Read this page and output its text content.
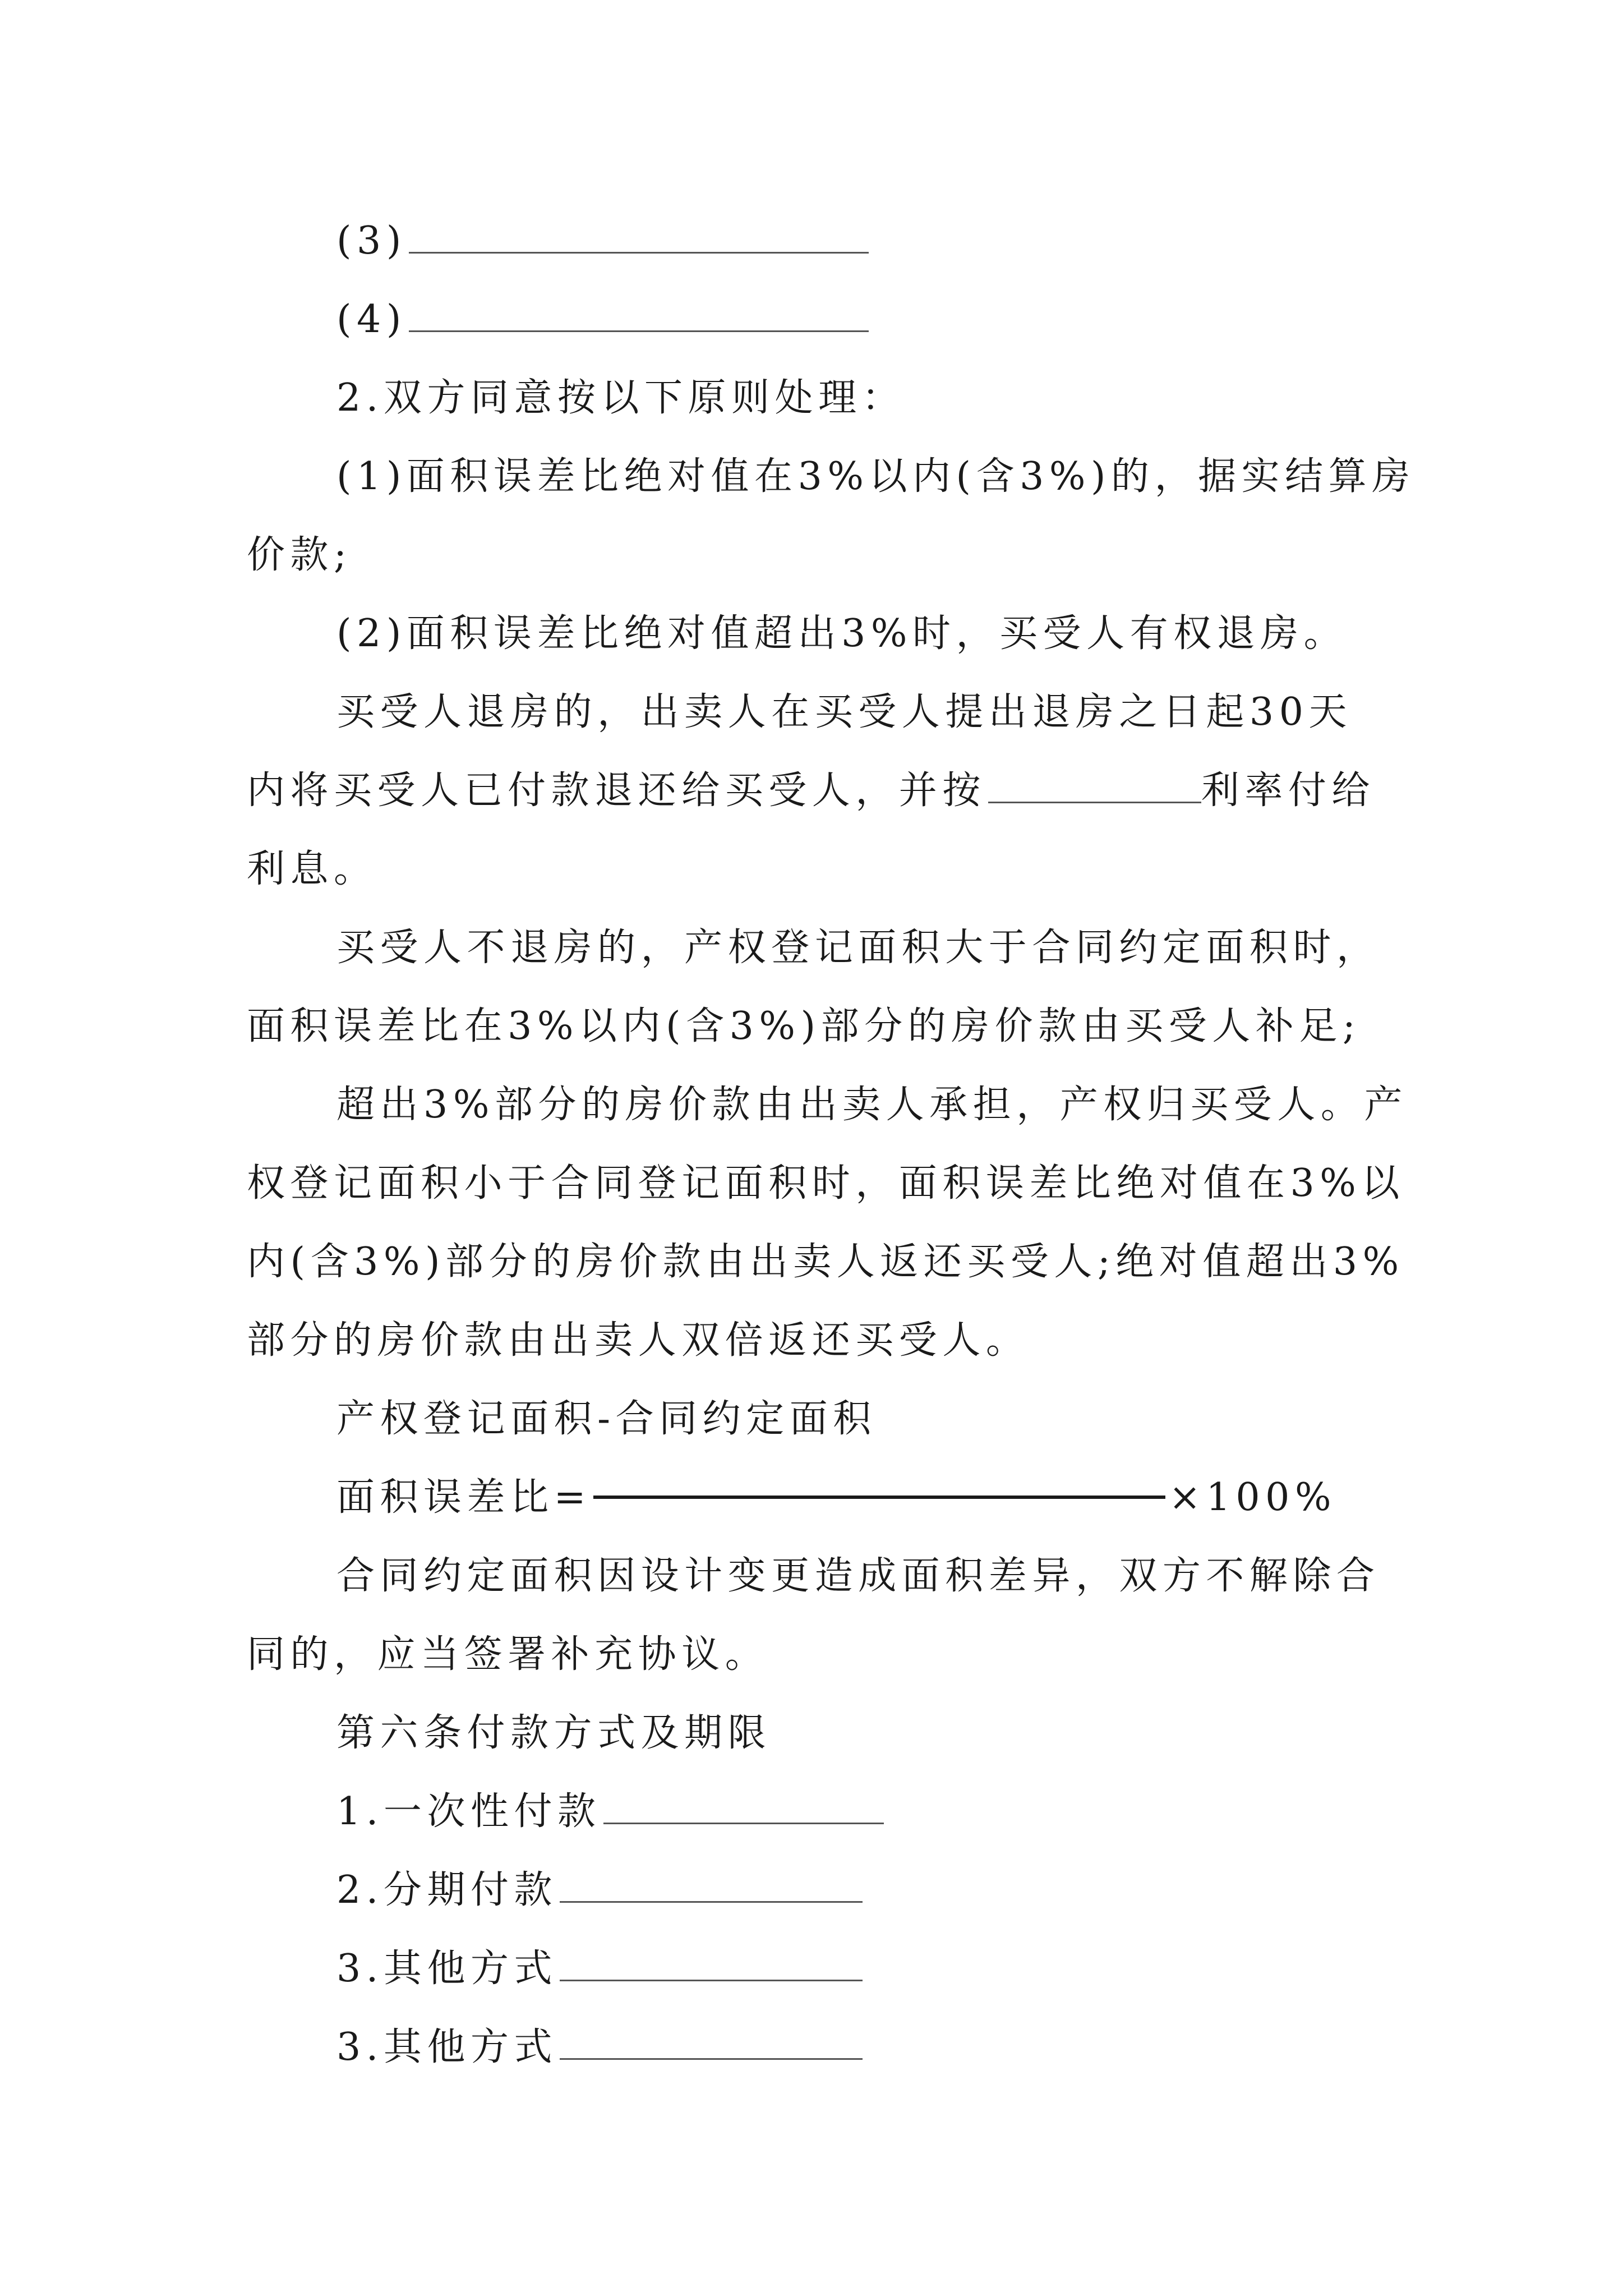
(3)
(4)
2.双方同意按以下原则处理：
(1)面积误差比绝对值在3%以内(含3%)的，据实结算房
价款;
(2)面积误差比绝对值超出3%时，买受人有权退房。
买受人退房的，出卖人在买受人提出退房之日起30天
内将买受人已付款退还给买受人，并按	利率付给
利息。
买受人不退房的，产权登记面积大于合同约定面积时，
面积误差比在3%以内(含3%)部分的房价款由买受人补足;
超出3%部分的房价款由出卖人承担，产权归买受人。产
权登记面积小于合同登记面积时，面积误差比绝对值在3%以
内(含3%)部分的房价款由出卖人返还买受人;绝对值超出3%
部分的房价款由出卖人双倍返还买受人。
产权登记面积-合同约定面积
面积误差比=	×100%
合同约定面积因设计变更造成面积差异，双方不解除合
同的，应当签署补充协议。
第六条付款方式及期限
1.一次性付款
2.分期付款
3.其他方式
3.其他方式
